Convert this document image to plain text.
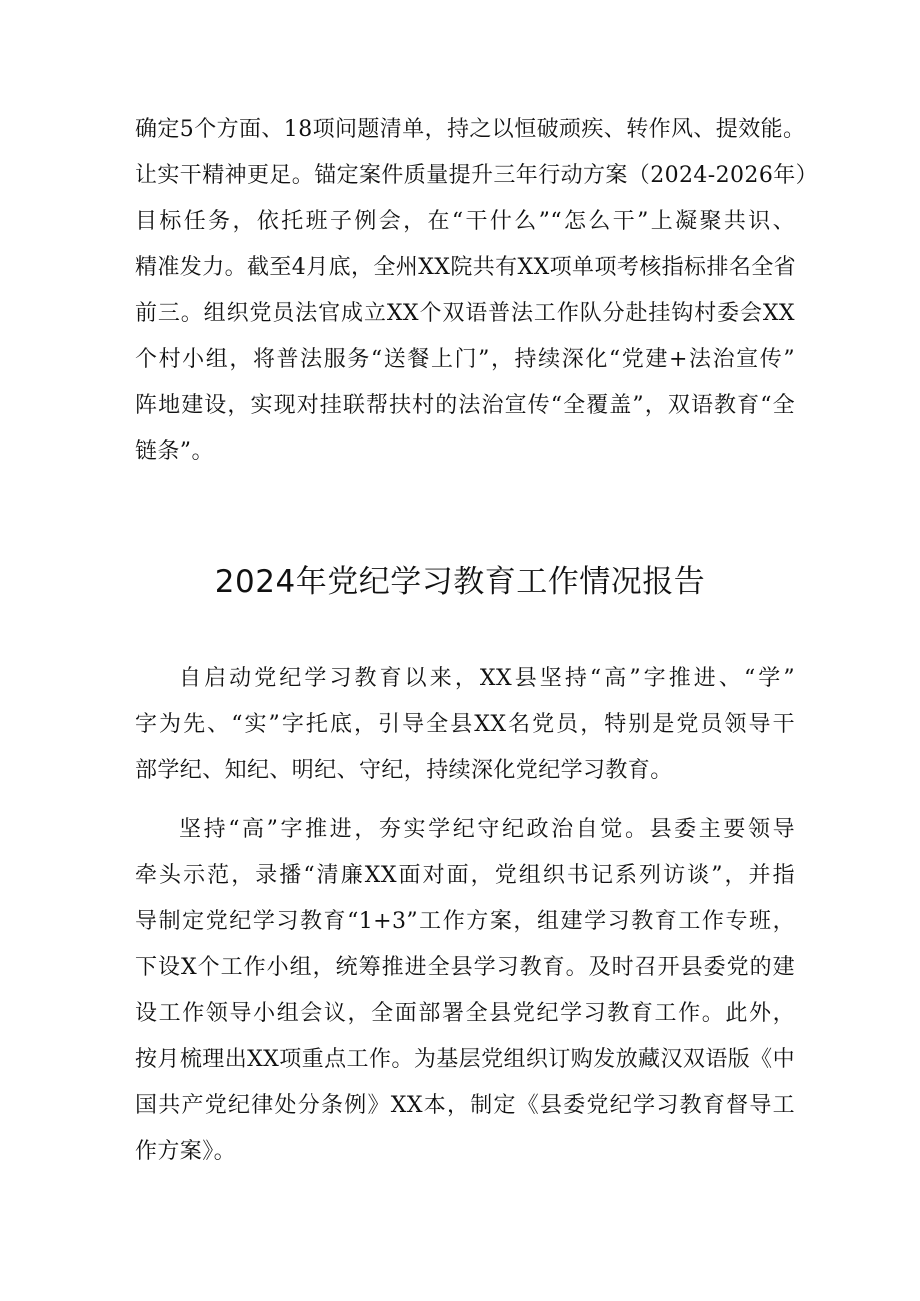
确定5个方面、18项问题清单，持之以恒破顽疾、转作风、提效能。
让实干精神更足。锚定案件质量提升三年行动方案（2024-2026年）
目标任务，依托班子例会，在“干什么”“怎么干”上凝聚共识、
精准发力。截至4月底，全州XX院共有XX项单项考核指标排名全省
前三。组织党员法官成立XX个双语普法工作队分赴挂钩村委会XX
个村小组，将普法服务“送餐上门”，持续深化“党建+法治宣传”
阵地建设，实现对挂联帮扶村的法治宣传“全覆盖”，双语教育“全
链条”。
2024年党纪学习教育工作情况报告
自启动党纪学习教育以来，XX县坚持“高”字推进、“学”
字为先、“实”字托底，引导全县XX名党员，特别是党员领导干
部学纪、知纪、明纪、守纪，持续深化党纪学习教育。
坚持“高”字推进，夯实学纪守纪政治自觉。县委主要领导
牵头示范，录播“清廉XX面对面，党组织书记系列访谈”，并指
导制定党纪学习教育“1+3”工作方案，组建学习教育工作专班，
下设X个工作小组，统筹推进全县学习教育。及时召开县委党的建
设工作领导小组会议，全面部署全县党纪学习教育工作。此外，
按月梳理出XX项重点工作。为基层党组织订购发放藏汉双语版《中
国共产党纪律处分条例》XX本，制定《县委党纪学习教育督导工
作方案》。
